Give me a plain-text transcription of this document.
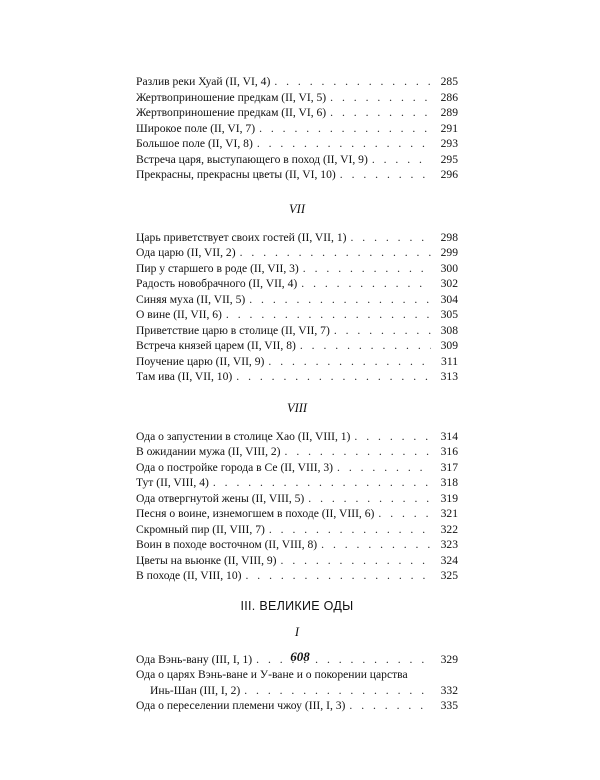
Разлив реки Хуай (II, VI, 4) . . .	285
Жертвоприношение предкам (II, VI, 5) . . .	286
Жертвоприношение предкам (II, VI, 6) . . .	289
Широкое поле (II, VI, 7) . . .	291
Большое поле (II, VI, 8) . . .	293
Встреча царя, выступающего в поход (II, VI, 9) . . .	295
Прекрасны, прекрасны цветы (II, VI, 10) . . .	296
VII
Царь приветствует своих гостей (II, VII, 1) . . .	298
Ода царю (II, VII, 2) . . .	299
Пир у старшего в роде (II, VII, 3) . . .	300
Радость новобрачного (II, VII, 4) . . .	302
Синяя муха (II, VII, 5) . . .	304
О вине (II, VII, 6) . . .	305
Приветствие царю в столице (II, VII, 7) . . .	308
Встреча князей царем (II, VII, 8) . . .	309
Поучение царю (II, VII, 9) . . .	311
Там ива (II, VII, 10) . . .	313
VIII
Ода о запустении в столице Хао (II, VIII, 1) . . .	314
В ожидании мужа (II, VIII, 2) . . .	316
Ода о постройке города в Се (II, VIII, 3) . . .	317
Тут (II, VIII, 4) . . .	318
Ода отвергнутой жены (II, VIII, 5) . . .	319
Песня о воине, изнемогшем в походе (II, VIII, 6) . . .	321
Скромный пир (II, VIII, 7) . . .	322
Воин в походе восточном (II, VIII, 8) . . .	323
Цветы на вьюнке (II, VIII, 9) . . .	324
В походе (II, VIII, 10) . . .	325
III. ВЕЛИКИЕ ОДЫ
I
Ода Вэнь-вану (III, I, 1) . . .	329
Ода о царях Вэнь-ване и У-ване и о покорении царства
Инь-Шан (III, I, 2) . . .	332
Ода о переселении племени чжоу (III, I, 3) . . .	335
608
